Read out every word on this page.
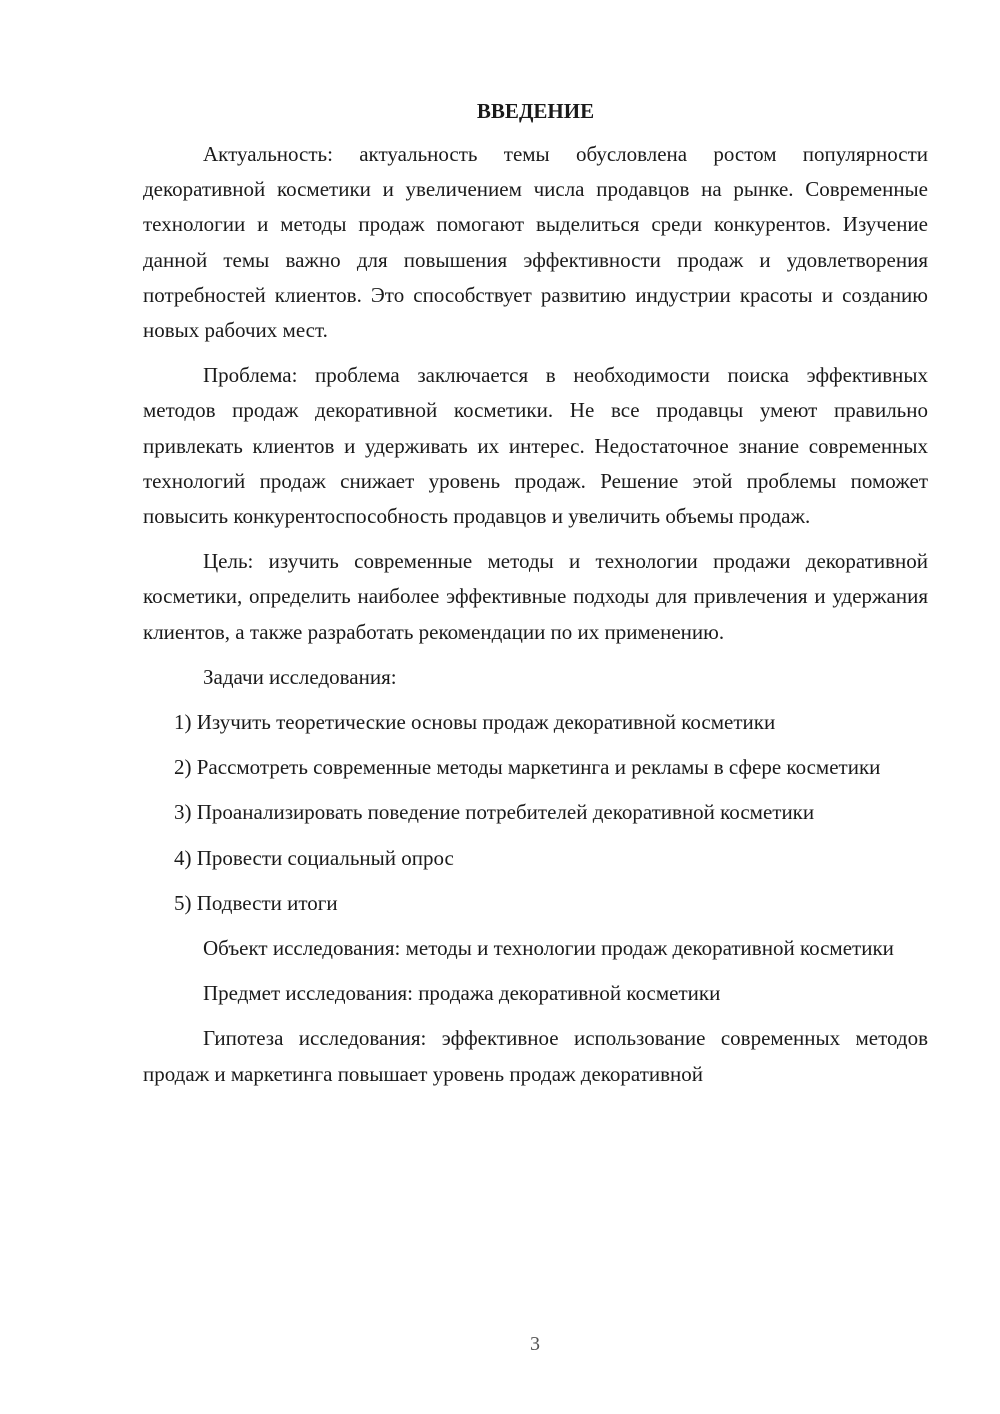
ВВЕДЕНИЕ

Актуальность: актуальность темы обусловлена ростом популярности декоративной косметики и увеличением числа продавцов на рынке. Современные технологии и методы продаж помогают выделиться среди конкурентов. Изучение данной темы важно для повышения эффективности продаж и удовлетворения потребностей клиентов. Это способствует развитию индустрии красоты и созданию новых рабочих мест.

Проблема: проблема заключается в необходимости поиска эффективных методов продаж декоративной косметики. Не все продавцы умеют правильно привлекать клиентов и удерживать их интерес. Недостаточное знание современных технологий продаж снижает уровень продаж. Решение этой проблемы поможет повысить конкурентоспособность продавцов и увеличить объемы продаж.

Цель: изучить современные методы и технологии продажи декоративной косметики, определить наиболее эффективные подходы для привлечения и удержания клиентов, а также разработать рекомендации по их применению.

Задачи исследования:

1) Изучить теоретические основы продаж декоративной косметики

2) Рассмотреть современные методы маркетинга и рекламы в сфере косметики

3) Проанализировать поведение потребителей декоративной косметики

4) Провести социальный опрос

5) Подвести итоги

Объект исследования: методы и технологии продаж декоративной косметики

Предмет исследования: продажа декоративной косметики

Гипотеза исследования: эффективное использование современных методов продаж и маркетинга повышает уровень продаж декоративной

3
